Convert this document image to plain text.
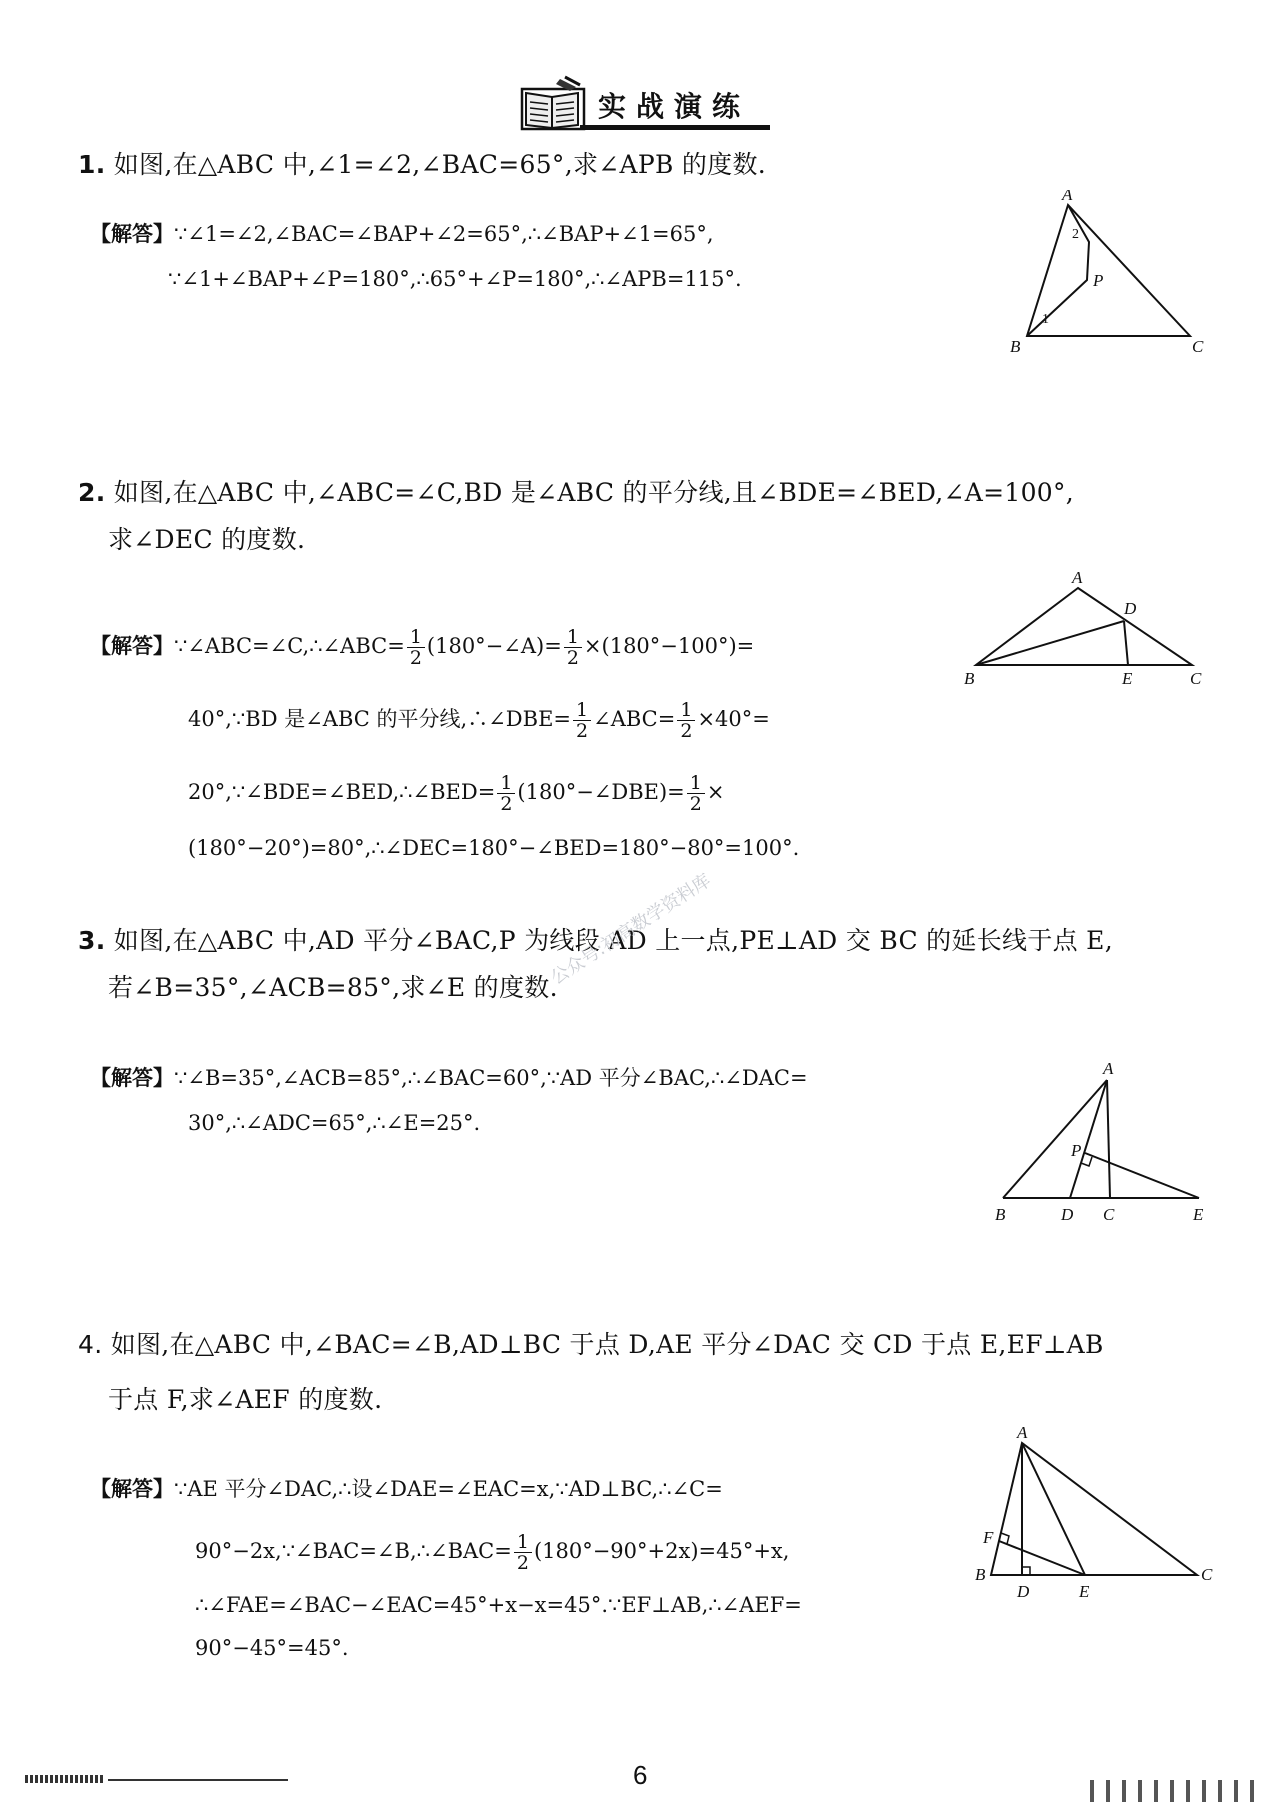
实战演练
1. 如图,在△ABC 中,∠1=∠2,∠BAC=65°,求∠APB 的度数.
【解答】∵∠1=∠2,∠BAC=∠BAP+∠2=65°,∴∠BAP+∠1=65°,
∵∠1+∠BAP+∠P=180°,∴65°+∠P=180°,∴∠APB=115°.
A
B	C
P
1
2
2. 如图,在△ABC 中,∠ABC=∠C,BD 是∠ABC 的平分线,且∠BDE=∠BED,∠A=100°,
求∠DEC 的度数.
【解答】∵∠ABC=∠C,∴∠ABC= $\frac{1}{2}$ (180°−∠A)= $\frac{1}{2} \times(180^\circ-100^\circ)=$
40°,∵BD 是∠ABC 的平分线,∴∠DBE= $\frac{1}{2}$ ∠ABC= $\frac{1}{2} \times 40^\circ=$
20°,∵∠BDE=∠BED,∴∠BED= $\frac{1}{2}$ (180°−∠DBE)= $\frac{1}{2}$ ×
(180°−20°)=80°,∴∠DEC=180°−∠BED=180°−80°=100°.
A
B	C
D
E
3. 如图,在△ABC 中,AD 平分∠BAC,P 为线段 AD 上一点,PE⊥AD 交 BC 的延长线于点 E,
若∠B=35°,∠ACB=85°,求∠E 的度数.
【解答】∵∠B=35°,∠ACB=85°,∴∠BAC=60°,∵AD 平分∠BAC,∴∠DAC=
30°,∴∠ADC=65°,∴∠E=25°.
A
B	D C	E
P
公众号:初高数学资料库
4. 如图,在△ABC 中,∠BAC=∠B,AD⊥BC 于点 D,AE 平分∠DAC 交 CD 于点 E,EF⊥AB
于点 F,求∠AEF 的度数.
【解答】∵AE 平分∠DAC,∴设∠DAE=∠EAC=x,∵AD⊥BC,∴∠C=
90°−2x,∵∠BAC=∠B,∴∠BAC= $\frac{1}{2} (180^\circ-90^\circ+2x)=45^\circ+x$,
∴∠FAE=∠BAC−∠EAC=45°+x−x=45°.∵EF⊥AB,∴∠AEF=
90°−45°=45°.
A
B	C
D	E
F
6
